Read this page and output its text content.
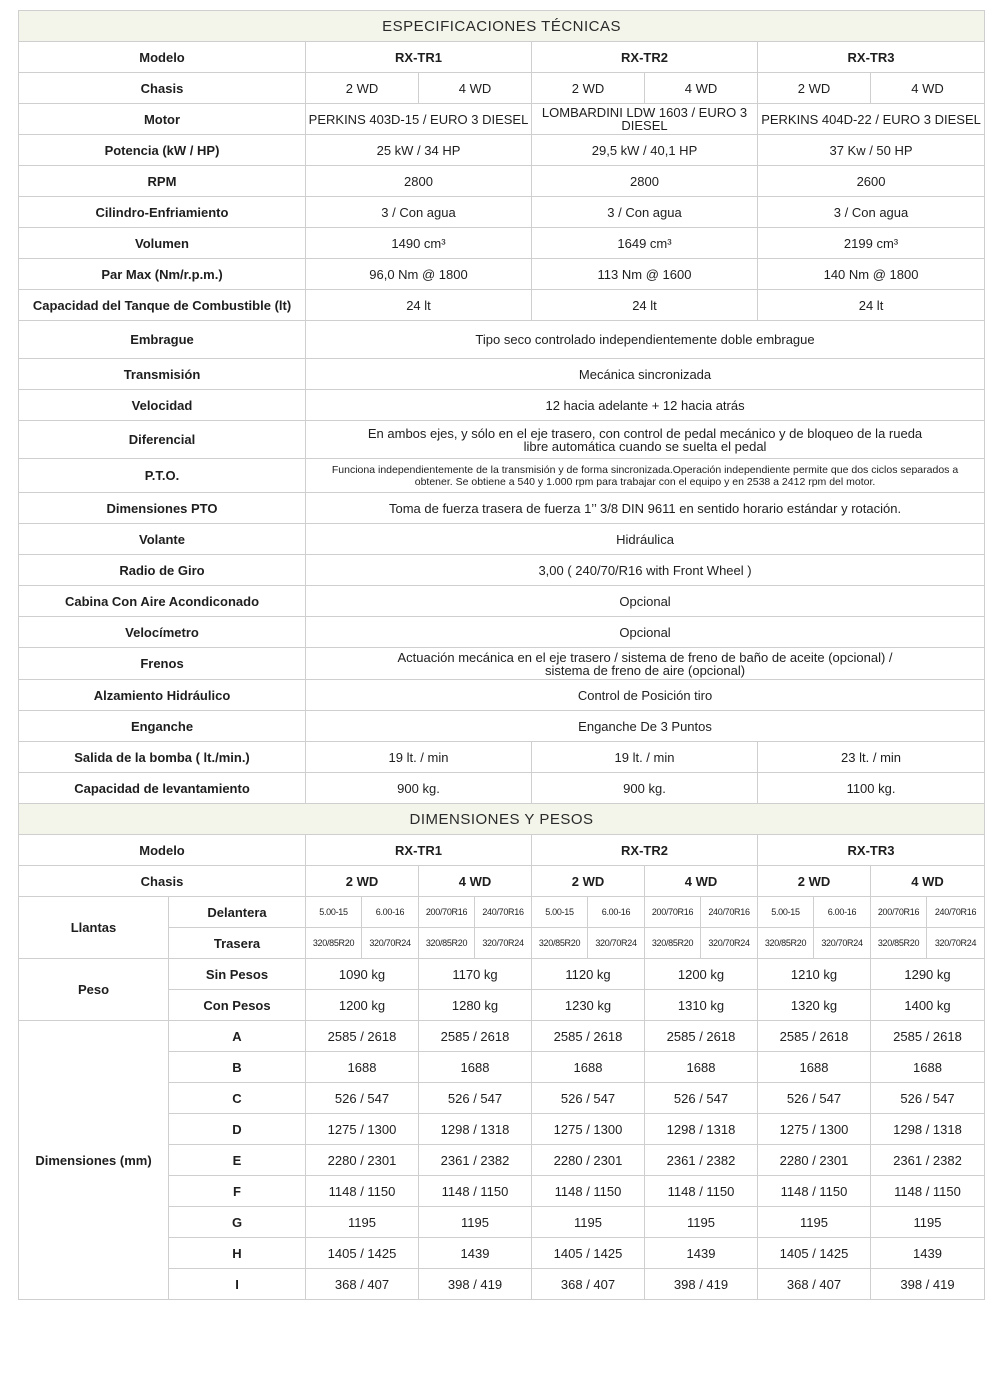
ESPECIFICACIONES TÉCNICAS						
Modelo	RX-TR1		RX-TR2		RX-TR3	
Chasis	2 WD	4 WD	2 WD	4 WD	2 WD	4 WD
Motor	PERKINS 403D-15 / EURO 3 DIESEL		LOMBARDINI LDW 1603 / EURO 3 DIESEL		PERKINS 404D-22 / EURO 3 DIESEL	
Potencia (kW / HP)	25 kW / 34 HP		29,5 kW / 40,1 HP		37 Kw / 50 HP	
RPM	2800		2800		2600	
Cilindro-Enfriamiento	3 / Con agua		3 / Con agua		3 / Con agua	
Volumen	1490 cm³		1649 cm³		2199 cm³	
Par Max (Nm/r.p.m.)	96,0 Nm @ 1800		113 Nm @ 1600		140 Nm @ 1800	
Capacidad del Tanque de Combustible (lt)	24 lt		24 lt		24 lt	
Embrague	Tipo seco controlado independientemente doble embrague					
Transmisión	Mecánica sincronizada					
Velocidad	12 hacia adelante + 12 hacia atrás					
Diferencial	En ambos ejes, y sólo en el eje trasero, con control de pedal mecánico y de bloqueo de la rueda libre automática cuando se suelta el pedal					
P.T.O.	Funciona independientemente de la transmisión y de forma sincronizada.Operación independiente permite que dos ciclos separados a obtener. Se obtiene a 540 y 1.000 rpm para trabajar con el equipo y en 2538 a 2412 rpm del motor.					
Dimensiones PTO	Toma de fuerza trasera de fuerza 1’’ 3/8 DIN 9611 en sentido horario estándar y rotación.					
Volante	Hidráulica					
Radio de Giro	3,00 ( 240/70/R16 with Front Wheel )					
Cabina Con Aire Acondiconado	Opcional					
Velocímetro	Opcional					
Frenos	Actuación mecánica en el eje trasero / sistema de freno de baño de aceite (opcional) / sistema de freno de aire (opcional)					
Alzamiento Hidráulico	Control de Posición tiro					
Enganche	Enganche De 3 Puntos					
Salida de la bomba ( lt./min.)	19 lt. / min		19 lt. / min		23 lt. / min	
Capacidad de levantamiento	900 kg.		900 kg.		1100 kg.	
DIMENSIONES Y PESOS													
Modelo		RX-TR1				RX-TR2				RX-TR3			
Chasis		2 WD		4 WD		2 WD		4 WD		2 WD		4 WD	
Llantas	Delantera	5.00-15	6.00-16	200/70R16	240/70R16	5.00-15	6.00-16	200/70R16	240/70R16	5.00-15	6.00-16	200/70R16	240/70R16
	Trasera	320/85R20	320/70R24	320/85R20	320/70R24	320/85R20	320/70R24	320/85R20	320/70R24	320/85R20	320/70R24	320/85R20	320/70R24
Peso	Sin Pesos	1090 kg		1170 kg		1120 kg		1200 kg		1210 kg		1290 kg	
	Con Pesos	1200 kg		1280 kg		1230 kg		1310 kg		1320 kg		1400 kg	
Dimensiones (mm)	A	2585 / 2618		2585 / 2618		2585 / 2618		2585 / 2618		2585 / 2618		2585 / 2618	
	B	1688		1688		1688		1688		1688		1688	
	C	526 / 547		526 / 547		526 / 547		526 / 547		526 / 547		526 / 547	
	D	1275 / 1300		1298 / 1318		1275 / 1300		1298 / 1318		1275 / 1300		1298 / 1318	
	E	2280 / 2301		2361 / 2382		2280 / 2301		2361 / 2382		2280 / 2301		2361 / 2382	
	F	1148 / 1150		1148 / 1150		1148 / 1150		1148 / 1150		1148 / 1150		1148 / 1150	
	G	1195		1195		1195		1195		1195		1195	
	H	1405 / 1425		1439		1405 / 1425		1439		1405 / 1425		1439	
	I	368 / 407		398 / 419		368 / 407		398 / 419		368 / 407		398 / 419	
